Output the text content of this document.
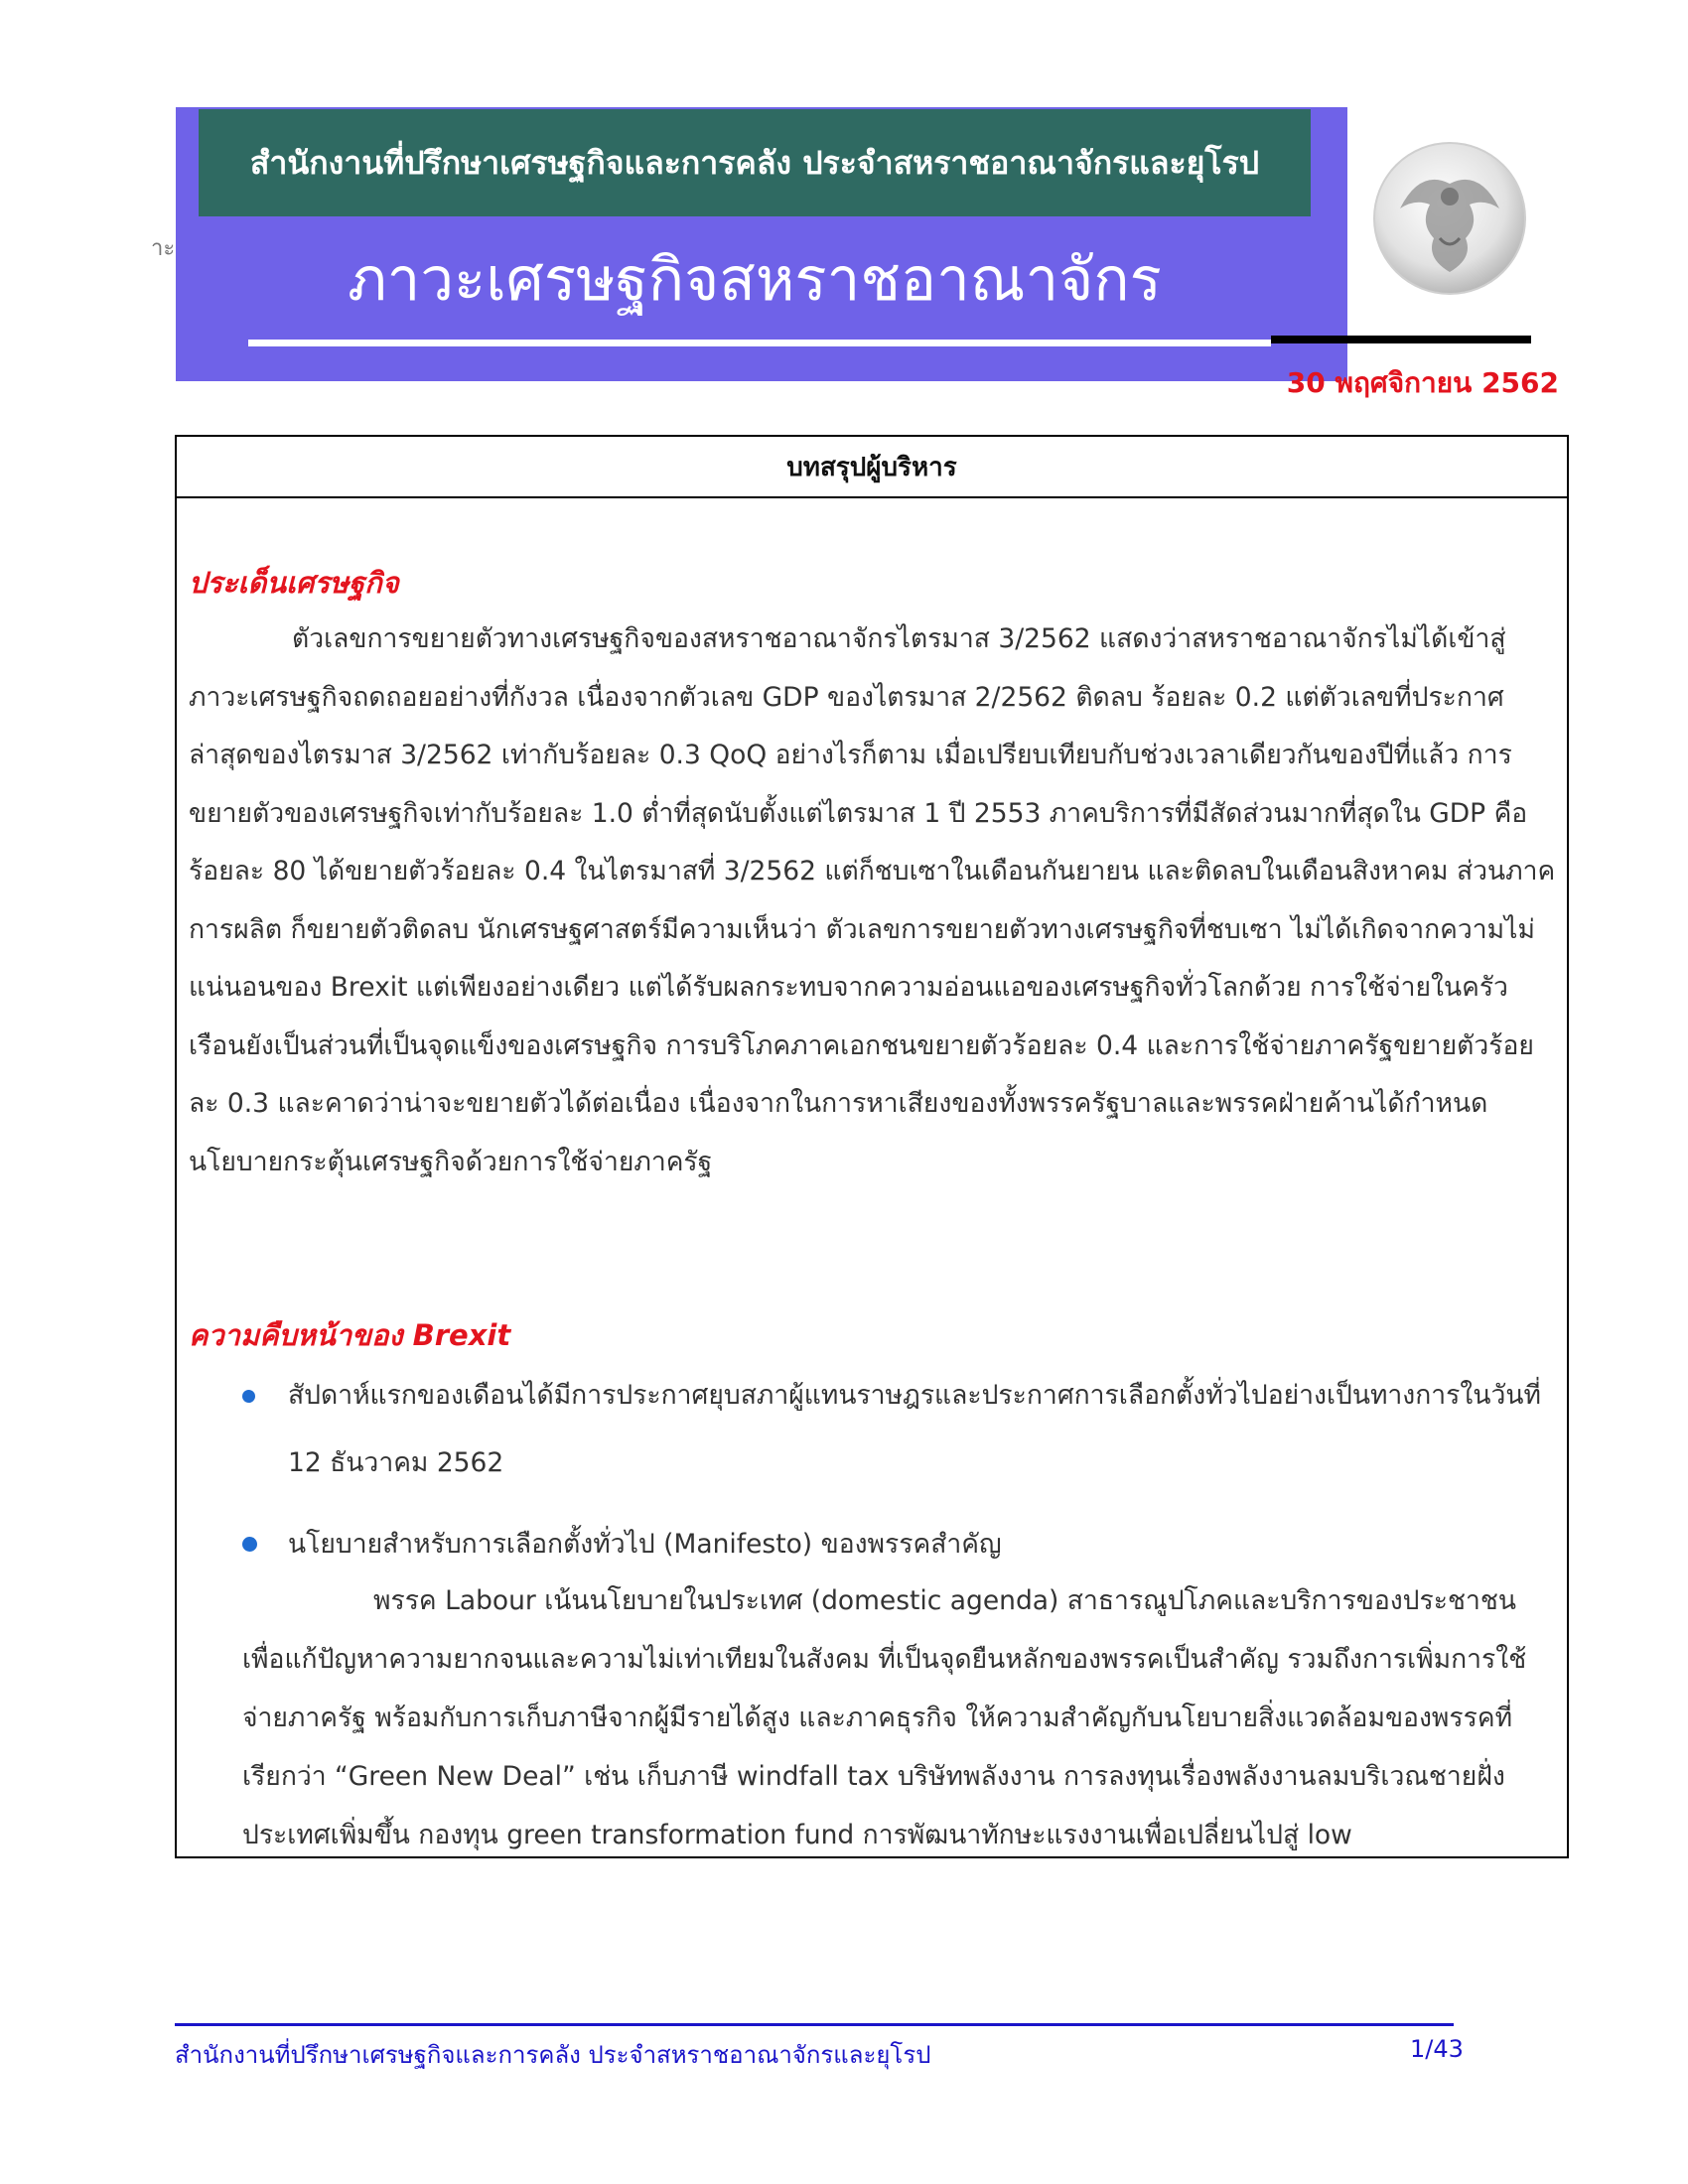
าะ
สำนักงานที่ปรึกษาเศรษฐกิจและการคลัง ประจำสหราชอาณาจักรและยุโรป
ภาวะเศรษฐกิจสหราชอาณาจักร
30 พฤศจิกายน 2562
บทสรุปผู้บริหาร
ประเด็นเศรษฐกิจ

ตัวเลขการขยายตัวทางเศรษฐกิจของสหราชอาณาจักรไตรมาส 3/2562 แสดงว่าสหราชอาณาจักรไม่ได้เข้าสู่ภาวะเศรษฐกิจถดถอยอย่างที่กังวล เนื่องจากตัวเลข GDP ของไตรมาส 2/2562 ติดลบ ร้อยละ 0.2 แต่ตัวเลขที่ประกาศล่าสุดของไตรมาส 3/2562 เท่ากับร้อยละ 0.3 QoQ อย่างไรก็ตาม เมื่อเปรียบเทียบกับช่วงเวลาเดียวกันของปีที่แล้ว การขยายตัวของเศรษฐกิจเท่ากับร้อยละ 1.0 ต่ำที่สุดนับตั้งแต่ไตรมาส 1 ปี 2553 ภาคบริการที่มีสัดส่วนมากที่สุดใน GDP คือร้อยละ 80 ได้ขยายตัวร้อยละ 0.4 ในไตรมาสที่ 3/2562 แต่ก็ชบเซาในเดือนกันยายน และติดลบในเดือนสิงหาคม ส่วนภาคการผลิต ก็ขยายตัวติดลบ นักเศรษฐศาสตร์มีความเห็นว่า ตัวเลขการขยายตัวทางเศรษฐกิจที่ชบเซา ไม่ได้เกิดจากความไม่แน่นอนของ Brexit แต่เพียงอย่างเดียว แต่ได้รับผลกระทบจากความอ่อนแอของเศรษฐกิจทั่วโลกด้วย การใช้จ่ายในครัวเรือนยังเป็นส่วนที่เป็นจุดแข็งของเศรษฐกิจ การบริโภคภาคเอกชนขยายตัวร้อยละ 0.4 และการใช้จ่ายภาครัฐขยายตัวร้อยละ 0.3 และคาดว่าน่าจะขยายตัวได้ต่อเนื่อง เนื่องจากในการหาเสียงของทั้งพรรครัฐบาลและพรรคฝ่ายค้านได้กำหนดนโยบายกระตุ้นเศรษฐกิจด้วยการใช้จ่ายภาครัฐ

ความคืบหน้าของ Brexit
สัปดาห์แรกของเดือนได้มีการประกาศยุบสภาผู้แทนราษฎรและประกาศการเลือกตั้งทั่วไปอย่างเป็นทางการในวันที่ 12 ธันวาคม 2562
นโยบายสำหรับการเลือกตั้งทั่วไป (Manifesto) ของพรรคสำคัญ

พรรค Labour เน้นนโยบายในประเทศ (domestic agenda) สาธารณูปโภคและบริการของประชาชน เพื่อแก้ปัญหาความยากจนและความไม่เท่าเทียมในสังคม ที่เป็นจุดยืนหลักของพรรคเป็นสำคัญ รวมถึงการเพิ่มการใช้จ่ายภาครัฐ พร้อมกับการเก็บภาษีจากผู้มีรายได้สูง และภาคธุรกิจ ให้ความสำคัญกับนโยบายสิ่งแวดล้อมของพรรคที่เรียกว่า “Green New Deal” เช่น เก็บภาษี windfall tax บริษัทพลังงาน การลงทุนเรื่องพลังงานลมบริเวณชายฝั่งประเทศเพิ่มขึ้น กองทุน green transformation fund การพัฒนาทักษะแรงงานเพื่อเปลี่ยนไปสู่ low

สำนักงานที่ปรึกษาเศรษฐกิจและการคลัง ประจำสหราชอาณาจักรและยุโรป	1/43
